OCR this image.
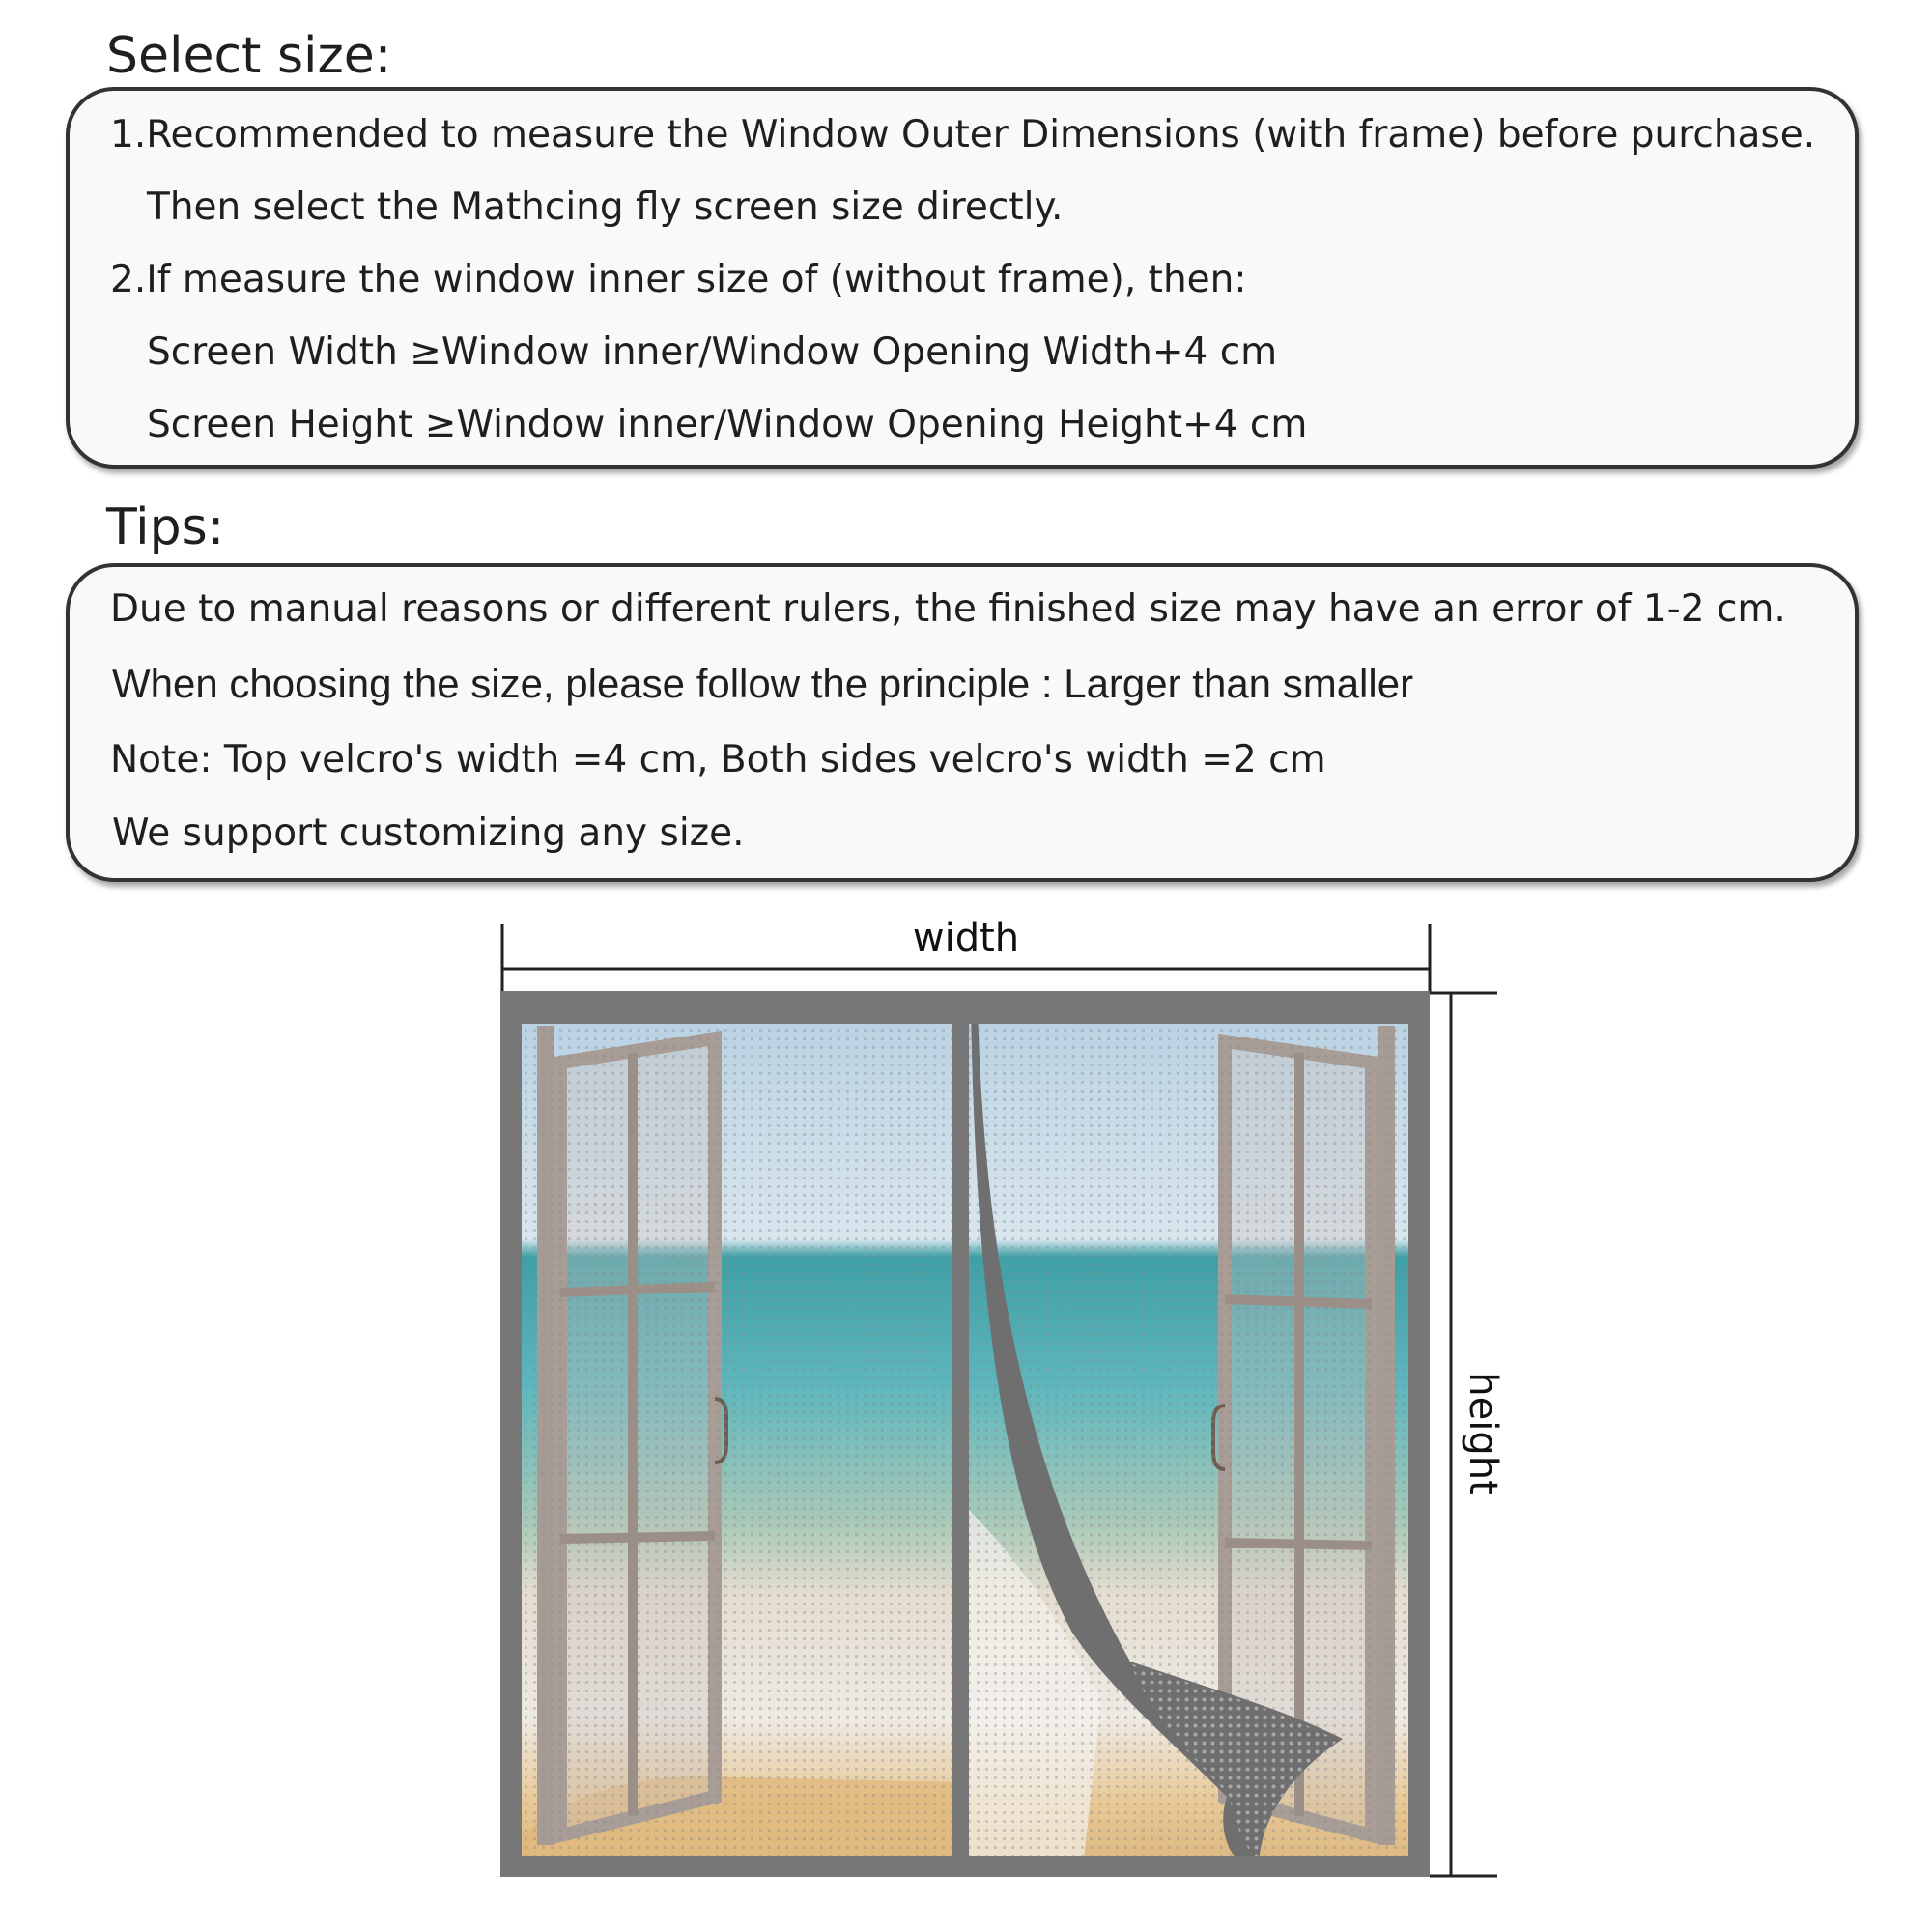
Select size:
1.Recommended to measure the Window Outer Dimensions (with frame) before purchase.
Then select the Mathcing fly screen size directly.
2.If measure the window inner size of (without frame), then:
Screen Width ≥Window inner/Window Opening Width+4 cm
Screen Height ≥Window inner/Window Opening Height+4 cm
Tips:
Due to manual reasons or different rulers, the finished size may have an error of 1-2 cm.
When choosing the size, please follow the principle : Larger than smaller
Note: Top velcro's width =4 cm, Both sides velcro's width =2 cm
We support customizing any size.
width
height
